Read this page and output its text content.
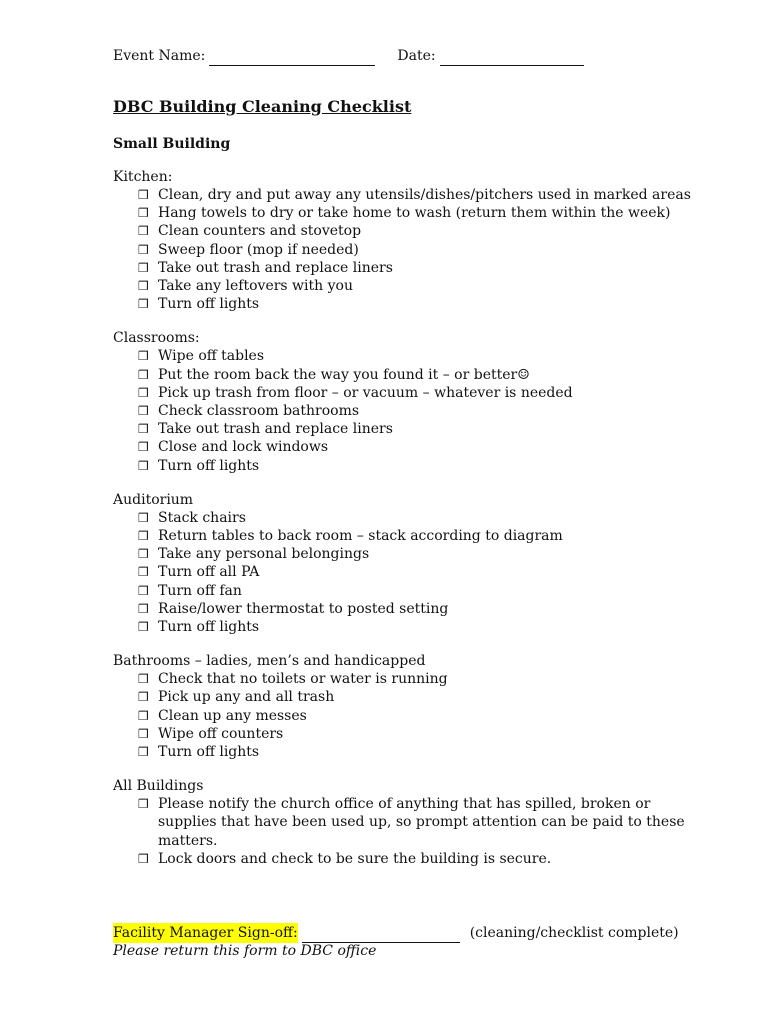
Event Name:	Date:
DBC Building Cleaning Checklist
Small Building
Kitchen:
❒ Clean, dry and put away any utensils/dishes/pitchers used in marked areas
❒ Hang towels to dry or take home to wash (return them within the week)
❒ Clean counters and stovetop
❒ Sweep floor (mop if needed)
❒ Take out trash and replace liners
❒ Take any leftovers with you
❒ Turn off lights
Classrooms:
❒ Wipe off tables
❒ Put the room back the way you found it – or better☺
❒ Pick up trash from floor – or vacuum – whatever is needed
❒ Check classroom bathrooms
❒ Take out trash and replace liners
❒ Close and lock windows
❒ Turn off lights
Auditorium
❒ Stack chairs
❒ Return tables to back room – stack according to diagram
❒ Take any personal belongings
❒ Turn off all PA
❒ Turn off fan
❒ Raise/lower thermostat to posted setting
❒ Turn off lights
Bathrooms – ladies, men’s and handicapped
❒ Check that no toilets or water is running
❒ Pick up any and all trash
❒ Clean up any messes
❒ Wipe off counters
❒ Turn off lights
All Buildings
❒ Please notify the church office of anything that has spilled, broken or supplies that have been used up, so prompt attention can be paid to these matters.
❒ Lock doors and check to be sure the building is secure.
Facility Manager Sign-off:	(cleaning/checklist complete)
Please return this form to DBC office
